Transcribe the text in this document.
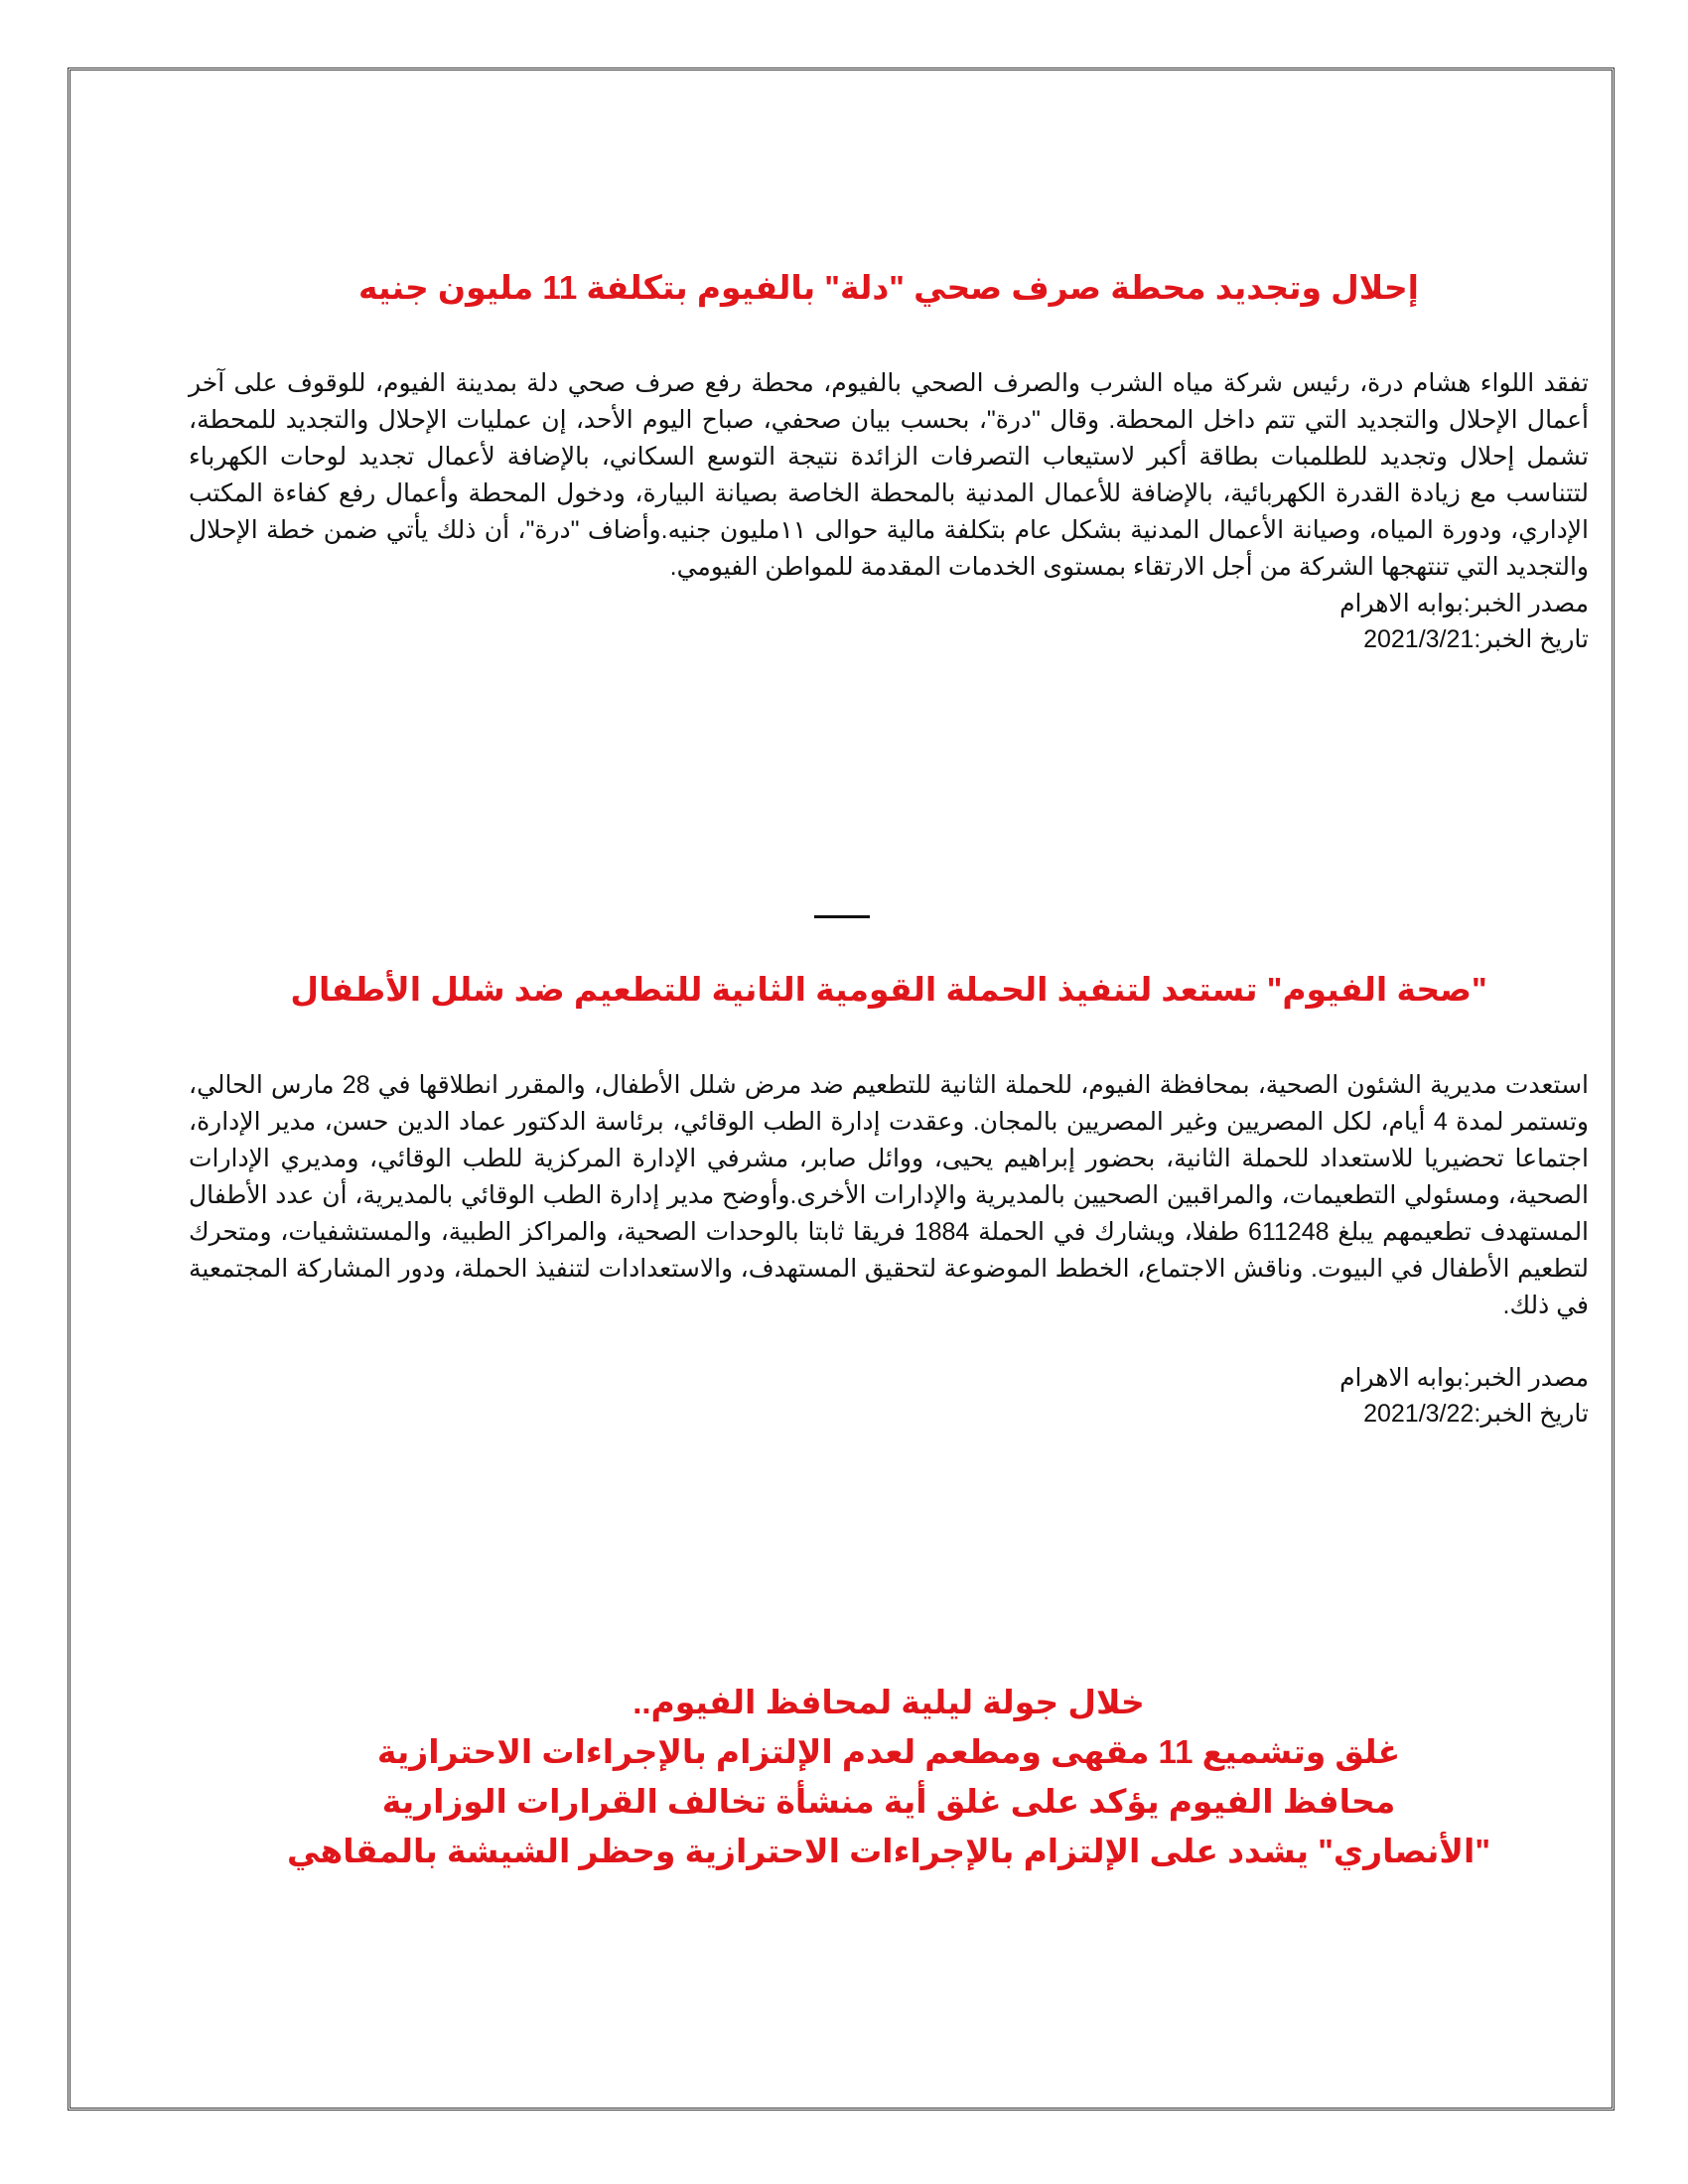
إحلال وتجديد محطة صرف صحي "دلة" بالفيوم بتكلفة 11 مليون جنيه

تفقد اللواء هشام درة، رئيس شركة مياه الشرب والصرف الصحي بالفيوم، محطة رفع صرف صحي دلة بمدينة الفيوم، للوقوف على آخر أعمال الإحلال والتجديد التي تتم داخل المحطة. وقال "درة"، بحسب بيان صحفي، صباح اليوم الأحد، إن عمليات الإحلال والتجديد للمحطة، تشمل إحلال وتجديد للطلمبات بطاقة أكبر لاستيعاب التصرفات الزائدة نتيجة التوسع السكاني، بالإضافة لأعمال تجديد لوحات الكهرباء لتتناسب مع زيادة القدرة الكهربائية، بالإضافة للأعمال المدنية بالمحطة الخاصة بصيانة البيارة، ودخول المحطة وأعمال رفع كفاءة المكتب الإداري، ودورة المياه، وصيانة الأعمال المدنية بشكل عام بتكلفة مالية حوالى ١١مليون جنيه.وأضاف "درة"، أن ذلك يأتي ضمن خطة الإحلال والتجديد التي تنتهجها الشركة من أجل الارتقاء بمستوى الخدمات المقدمة للمواطن الفيومي.

مصدر الخبر:بوابه الاهرام

تاريخ الخبر:2021/3/21

"صحة الفيوم" تستعد لتنفيذ الحملة القومية الثانية للتطعيم ضد شلل الأطفال

استعدت مديرية الشئون الصحية، بمحافظة الفيوم، للحملة الثانية للتطعيم ضد مرض شلل الأطفال، والمقرر انطلاقها في 28 مارس الحالي، وتستمر لمدة 4 أيام، لكل المصريين وغير المصريين بالمجان. وعقدت إدارة الطب الوقائي، برئاسة الدكتور عماد الدين حسن، مدير الإدارة، اجتماعا تحضيريا للاستعداد للحملة الثانية، بحضور إبراهيم يحيى، ووائل صابر، مشرفي الإدارة المركزية للطب الوقائي، ومديري الإدارات الصحية، ومسئولي التطعيمات، والمراقبين الصحيين بالمديرية والإدارات الأخرى.وأوضح مدير إدارة الطب الوقائي بالمديرية، أن عدد الأطفال المستهدف تطعيمهم يبلغ 611248 طفلا، ويشارك في الحملة 1884 فريقا ثابتا بالوحدات الصحية، والمراكز الطبية، والمستشفيات، ومتحرك لتطعيم الأطفال في البيوت. وناقش الاجتماع، الخطط الموضوعة لتحقيق المستهدف، والاستعدادات لتنفيذ الحملة، ودور المشاركة المجتمعية في ذلك.

مصدر الخبر:بوابه الاهرام

تاريخ الخبر:2021/3/22

خلال جولة ليلية لمحافظ الفيوم..
غلق وتشميع 11 مقهى ومطعم لعدم الإلتزام بالإجراءات الاحترازية
محافظ الفيوم يؤكد على غلق أية منشأة تخالف القرارات الوزارية
"الأنصاري" يشدد على الإلتزام بالإجراءات الاحترازية وحظر الشيشة بالمقاهي
